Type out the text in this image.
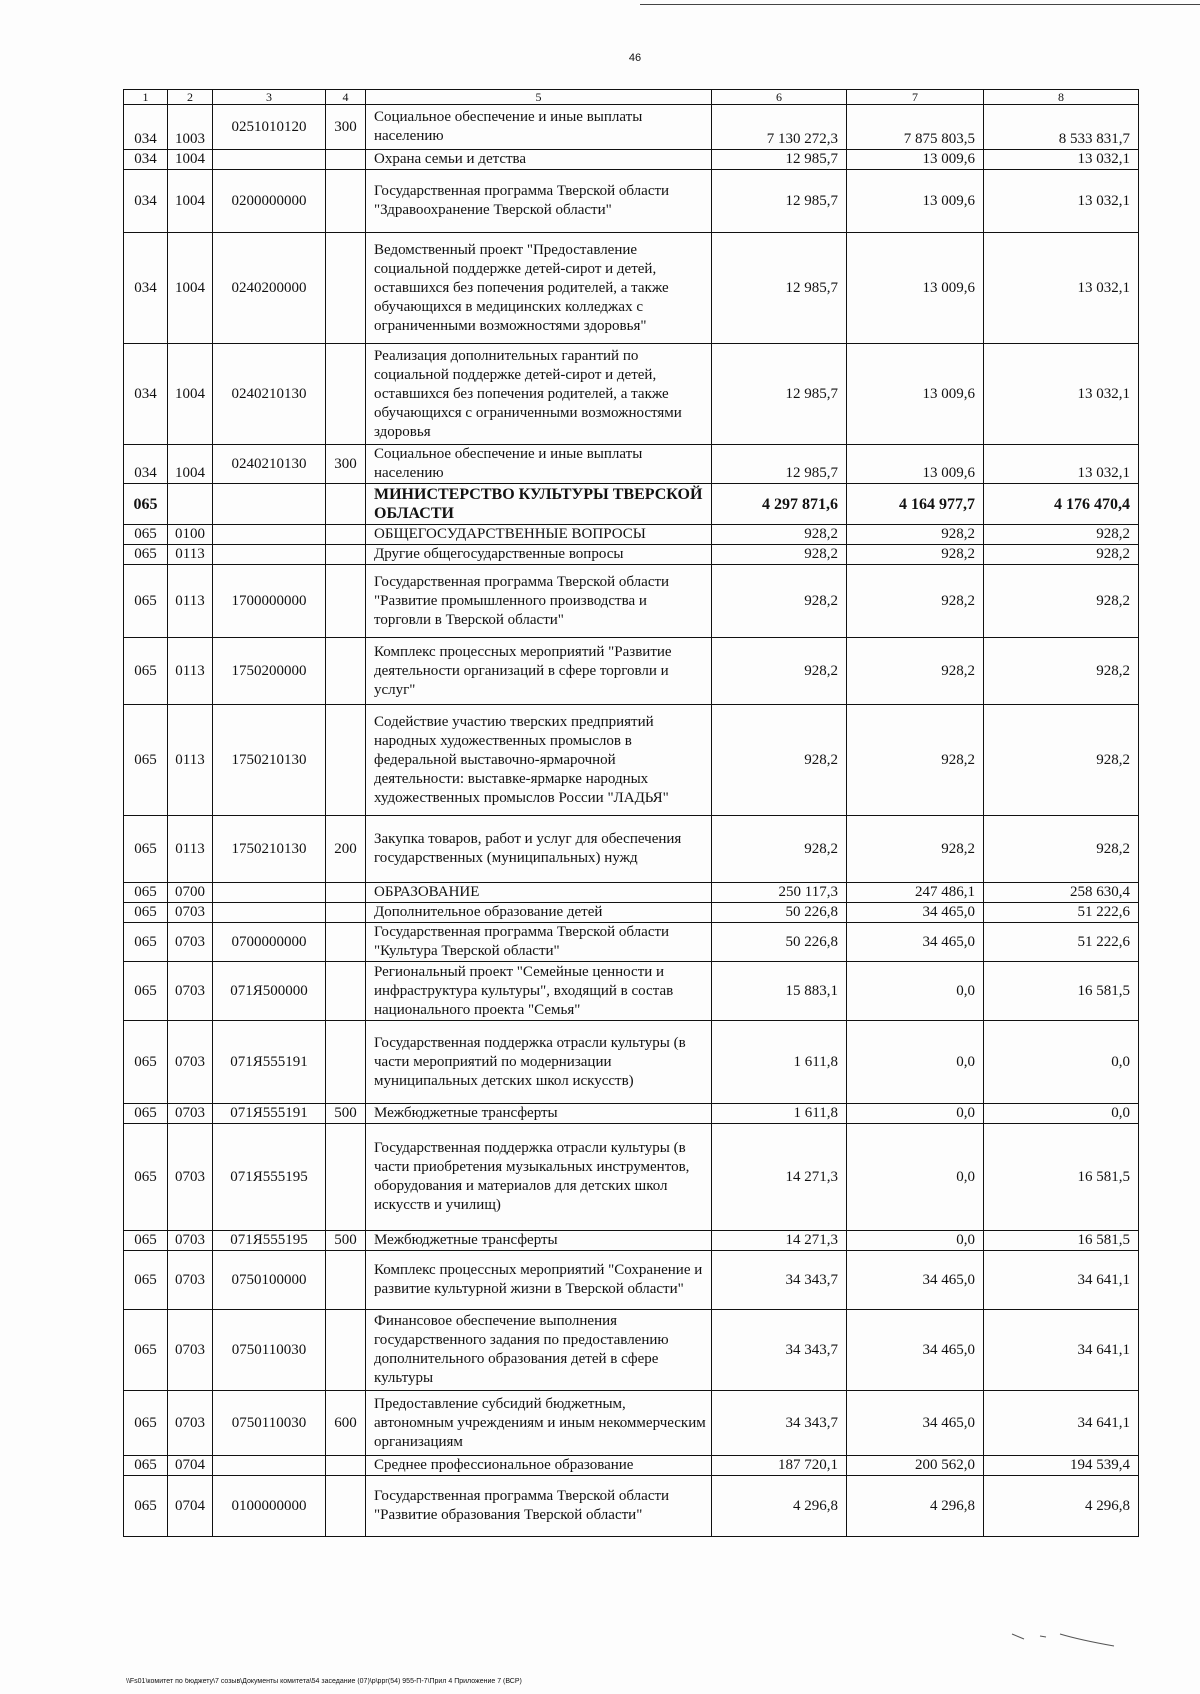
46
1	2	3	4	5	6	7	8
034	1003	0251010120	300	Социальное обеспечение и иные выплаты населению	7 130 272,3	7 875 803,5	8 533 831,7
034	1004			Охрана семьи и детства	12 985,7	13 009,6	13 032,1
034	1004	0200000000		Государственная программа Тверской области "Здравоохранение Тверской области"	12 985,7	13 009,6	13 032,1
034	1004	0240200000		Ведомственный проект "Предоставление социальной поддержке детей-сирот и детей, оставшихся без попечения родителей, а также обучающихся в медицинских колледжах с ограниченными возможностями здоровья"	12 985,7	13 009,6	13 032,1
034	1004	0240210130		Реализация дополнительных гарантий по социальной поддержке детей-сирот и детей, оставшихся без попечения родителей, а также обучающихся с ограниченными возможностями здоровья	12 985,7	13 009,6	13 032,1
034	1004	0240210130	300	Социальное обеспечение и иные выплаты населению	12 985,7	13 009,6	13 032,1
065				МИНИСТЕРСТВО КУЛЬТУРЫ ТВЕРСКОЙ ОБЛАСТИ	4 297 871,6	4 164 977,7	4 176 470,4
065	0100			ОБЩЕГОСУДАРСТВЕННЫЕ ВОПРОСЫ	928,2	928,2	928,2
065	0113			Другие общегосударственные вопросы	928,2	928,2	928,2
065	0113	1700000000		Государственная программа Тверской области "Развитие промышленного производства и торговли в Тверской области"	928,2	928,2	928,2
065	0113	1750200000		Комплекс процессных мероприятий "Развитие деятельности организаций в сфере торговли и услуг"	928,2	928,2	928,2
065	0113	1750210130		Содействие участию тверских предприятий народных художественных промыслов в федеральной выставочно-ярмарочной деятельности: выставке-ярмарке народных художественных промыслов России "ЛАДЬЯ"	928,2	928,2	928,2
065	0113	1750210130	200	Закупка товаров, работ и услуг для обеспечения государственных (муниципальных) нужд	928,2	928,2	928,2
065	0700			ОБРАЗОВАНИЕ	250 117,3	247 486,1	258 630,4
065	0703			Дополнительное образование детей	50 226,8	34 465,0	51 222,6
065	0703	0700000000		Государственная программа Тверской области "Культура Тверской области"	50 226,8	34 465,0	51 222,6
065	0703	071Я500000		Региональный проект "Семейные ценности и инфраструктура культуры", входящий в состав национального проекта "Семья"	15 883,1	0,0	16 581,5
065	0703	071Я555191		Государственная поддержка отрасли культуры (в части мероприятий по модернизации муниципальных детских школ искусств)	1 611,8	0,0	0,0
065	0703	071Я555191	500	Межбюджетные трансферты	1 611,8	0,0	0,0
065	0703	071Я555195		Государственная поддержка отрасли культуры (в части приобретения музыкальных инструментов, оборудования и материалов для детских школ искусств и училищ)	14 271,3	0,0	16 581,5
065	0703	071Я555195	500	Межбюджетные трансферты	14 271,3	0,0	16 581,5
065	0703	0750100000		Комплекс процессных мероприятий "Сохранение и развитие культурной жизни в Тверской области"	34 343,7	34 465,0	34 641,1
065	0703	0750110030		Финансовое обеспечение выполнения государственного задания по предоставлению дополнительного образования детей в сфере культуры	34 343,7	34 465,0	34 641,1
065	0703	0750110030	600	Предоставление субсидий бюджетным, автономным учреждениям и иным некоммерческим организациям	34 343,7	34 465,0	34 641,1
065	0704			Среднее профессиональное образование	187 720,1	200 562,0	194 539,4
065	0704	0100000000		Государственная программа Тверской области "Развитие образования Тверской области"	4 296,8	4 296,8	4 296,8
\\Fs01\комитет по бюджету\7 созыв\Документы комитета\54 заседание (07)\р\ррг(54) 955-П-7\Прил 4 Приложение 7 (ВСР)
